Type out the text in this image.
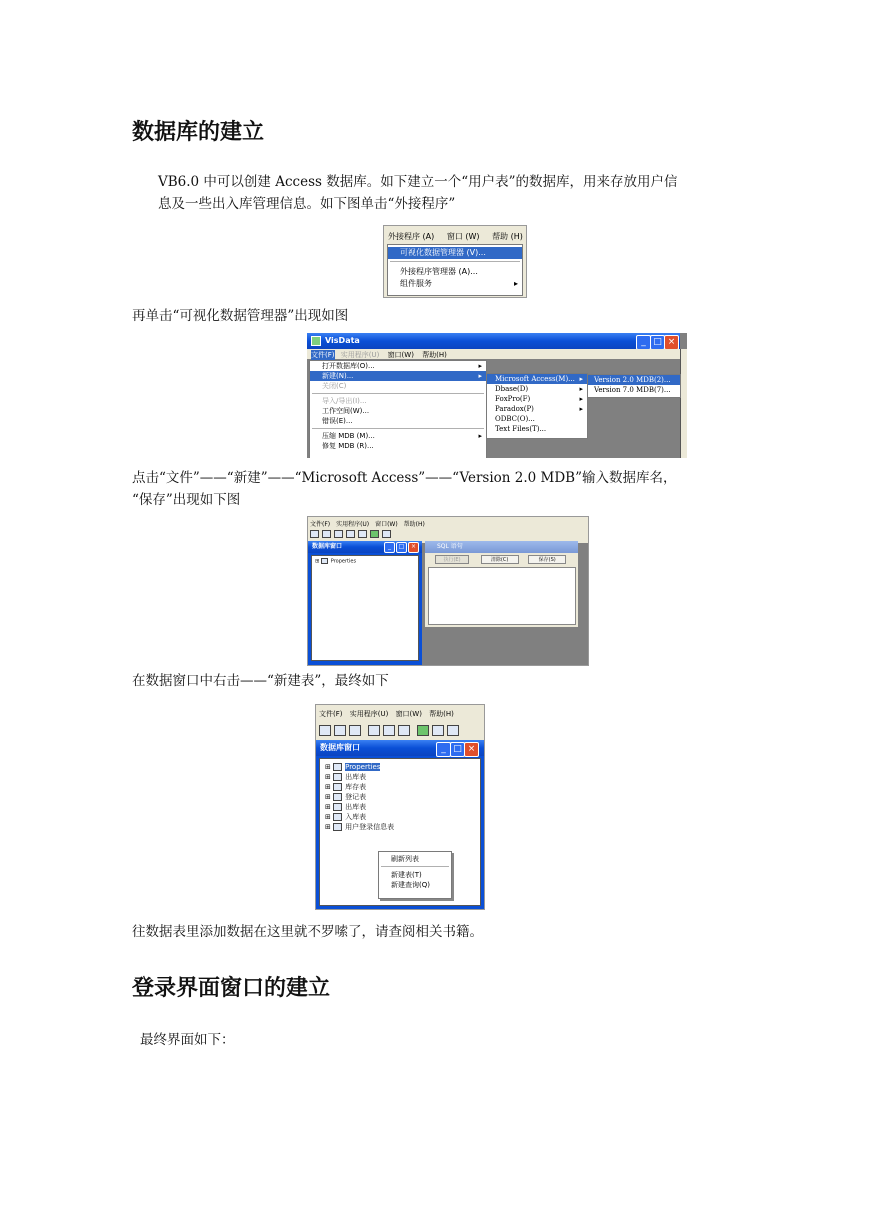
数据库的建立
VB6.0 中可以创建 Access 数据库。如下建立一个“用户表”的数据库，用来存放用户信
息及一些出入库管理信息。如下图单击“外接程序”
外接程序 (A) 窗口 (W) 帮助 (H)
可视化数据管理器 (V)...
外接程序管理器 (A)...
组件服务	▸
再单击“可视化数据管理器”出现如图
VisData	_ □ ×
文件(F) 实用程序(U) 窗口(W) 帮助(H)
打开数据库(O)...	▸
新建(N)...	▸
关闭(C)
导入/导出(I)...
工作空间(W)...
错误(E)...
压缩 MDB (M)...	▸
修复 MDB (R)...
Microsoft Access(M)... ▸
Dbase(D)	▸
FoxPro(F)	▸
Paradox(P)	▸
ODBC(O)...
Text Files(T)...
Version 2.0 MDB(2)...
Version 7.0 MDB(7)...
点击“文件”——“新建”——“Microsoft Access”——“Version 2.0 MDB”输入数据库名，
“保存”出现如下图
文件(F) 实用程序(U) 窗口(W) 帮助(H)

数据库窗口	_	□	×
⊞ Properties
SQL 语句
执行(E)	清除(C)	保存(S)
在数据窗口中右击——“新建表”，最终如下
文件(F) 实用程序(U) 窗口(W) 帮助(H)

数据库窗口	_ □ ×
⊞ Properties
⊞ 出库表
⊞ 库存表
⊞ 登记表
⊞ 出库表
⊞ 入库表
⊞ 用户登录信息表
刷新列表
新建表(T)
新建查询(Q)
往数据表里添加数据在这里就不罗嗦了，请查阅相关书籍。
登录界面窗口的建立
最终界面如下：
